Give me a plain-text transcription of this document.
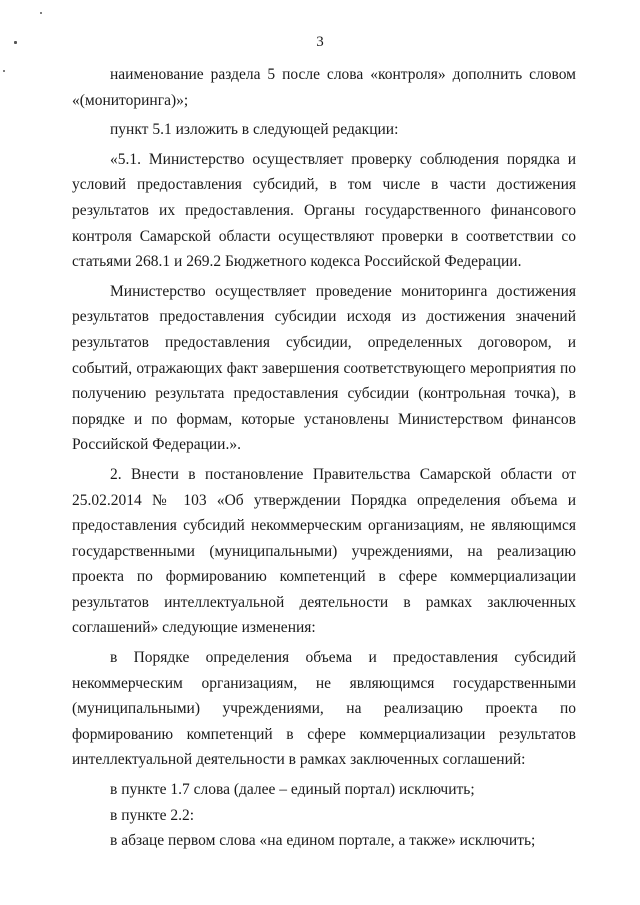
3

наименование раздела 5 после слова «контроля» дополнить словом «(мониторинга)»;

пункт 5.1 изложить в следующей редакции:

«5.1. Министерство осуществляет проверку соблюдения порядка и условий предоставления субсидий, в том числе в части достижения результатов их предоставления. Органы государственного финансового контроля Самарской области осуществляют проверки в соответствии со статьями 268.1 и 269.2 Бюджетного кодекса Российской Федерации.

Министерство осуществляет проведение мониторинга достижения результатов предоставления субсидии исходя из достижения значений результатов предоставления субсидии, определенных договором, и событий, отражающих факт завершения соответствующего мероприятия по получению результата предоставления субсидии (контрольная точка), в порядке и по формам, которые установлены Министерством финансов Российской Федерации.».

2. Внести в постановление Правительства Самарской области от 25.02.2014 № 103 «Об утверждении Порядка определения объема и предоставления субсидий некоммерческим организациям, не являющимся государственными (муниципальными) учреждениями, на реализацию проекта по формированию компетенций в сфере коммерциализации результатов интеллектуальной деятельности в рамках заключенных соглашений» следующие изменения:

в Порядке определения объема и предоставления субсидий некоммерческим организациям, не являющимся государственными (муниципальными) учреждениями, на реализацию проекта по формированию компетенций в сфере коммерциализации результатов интеллектуальной деятельности в рамках заключенных соглашений:

в пункте 1.7 слова (далее – единый портал) исключить;

в пункте 2.2:

в абзаце первом слова «на едином портале, а также» исключить;
